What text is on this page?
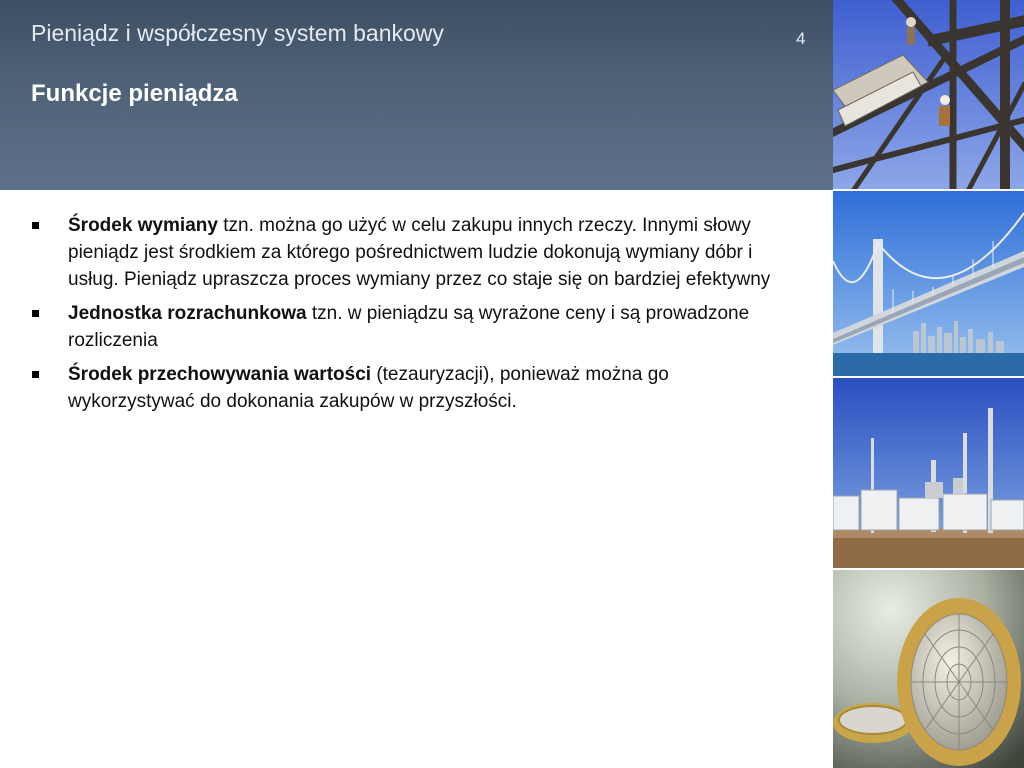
Pieniądz i współczesny system bankowy	4
Funkcje pieniądza
Środek wymiany tzn. można go użyć w celu zakupu innych rzeczy. Innymi słowy pieniądz jest środkiem za którego pośrednictwem ludzie dokonują wymiany dóbr i usług. Pieniądz upraszcza proces wymiany przez co staje się on bardziej efektywny
Jednostka rozrachunkowa tzn. w pieniądzu są wyrażone ceny i są prowadzone rozliczenia
Środek przechowywania wartości (tezauryzacji), ponieważ można go wykorzystywać do dokonania zakupów w przyszłości.
